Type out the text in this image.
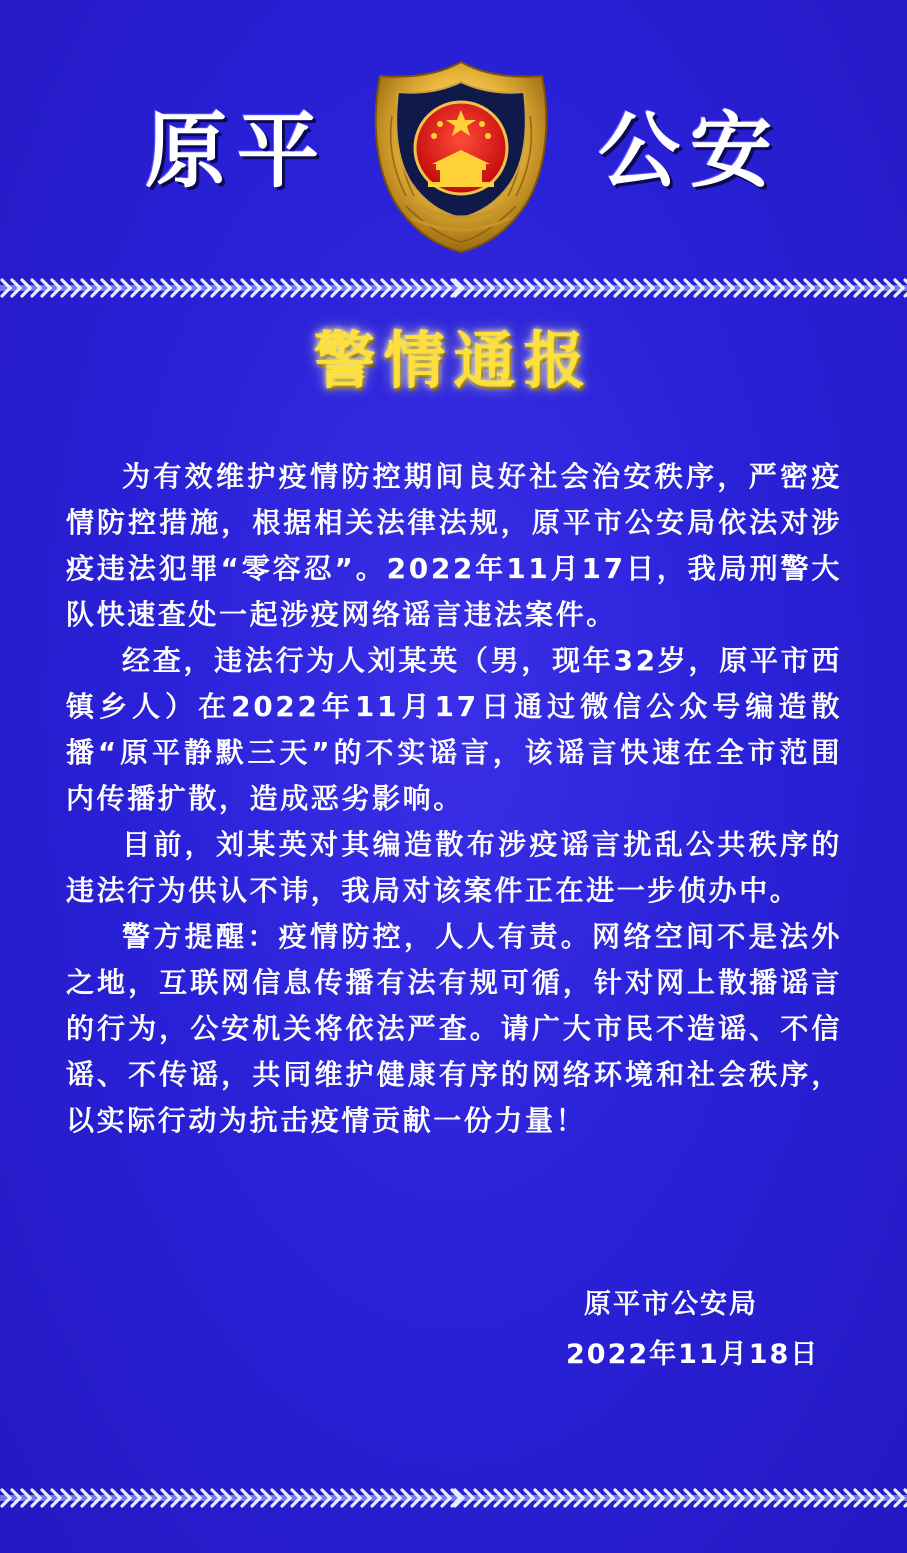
原平	公安
警情通报

为有效维护疫情防控期间良好社会治安秩序，严密疫情防控措施，根据相关法律法规，原平市公安局依法对涉疫违法犯罪“零容忍”。2022年11月17日，我局刑警大队快速查处一起涉疫网络谣言违法案件。

经查，违法行为人刘某英（男，现年32岁，原平市西镇乡人）在2022年11月17日通过微信公众号编造散播“原平静默三天”的不实谣言，该谣言快速在全市范围内传播扩散，造成恶劣影响。

目前，刘某英对其编造散布涉疫谣言扰乱公共秩序的违法行为供认不讳，我局对该案件正在进一步侦办中。

警方提醒：疫情防控，人人有责。网络空间不是法外之地，互联网信息传播有法有规可循，针对网上散播谣言的行为，公安机关将依法严查。请广大市民不造谣、不信谣、不传谣，共同维护健康有序的网络环境和社会秩序，以实际行动为抗击疫情贡献一份力量！

原平市公安局
2022年11月18日
